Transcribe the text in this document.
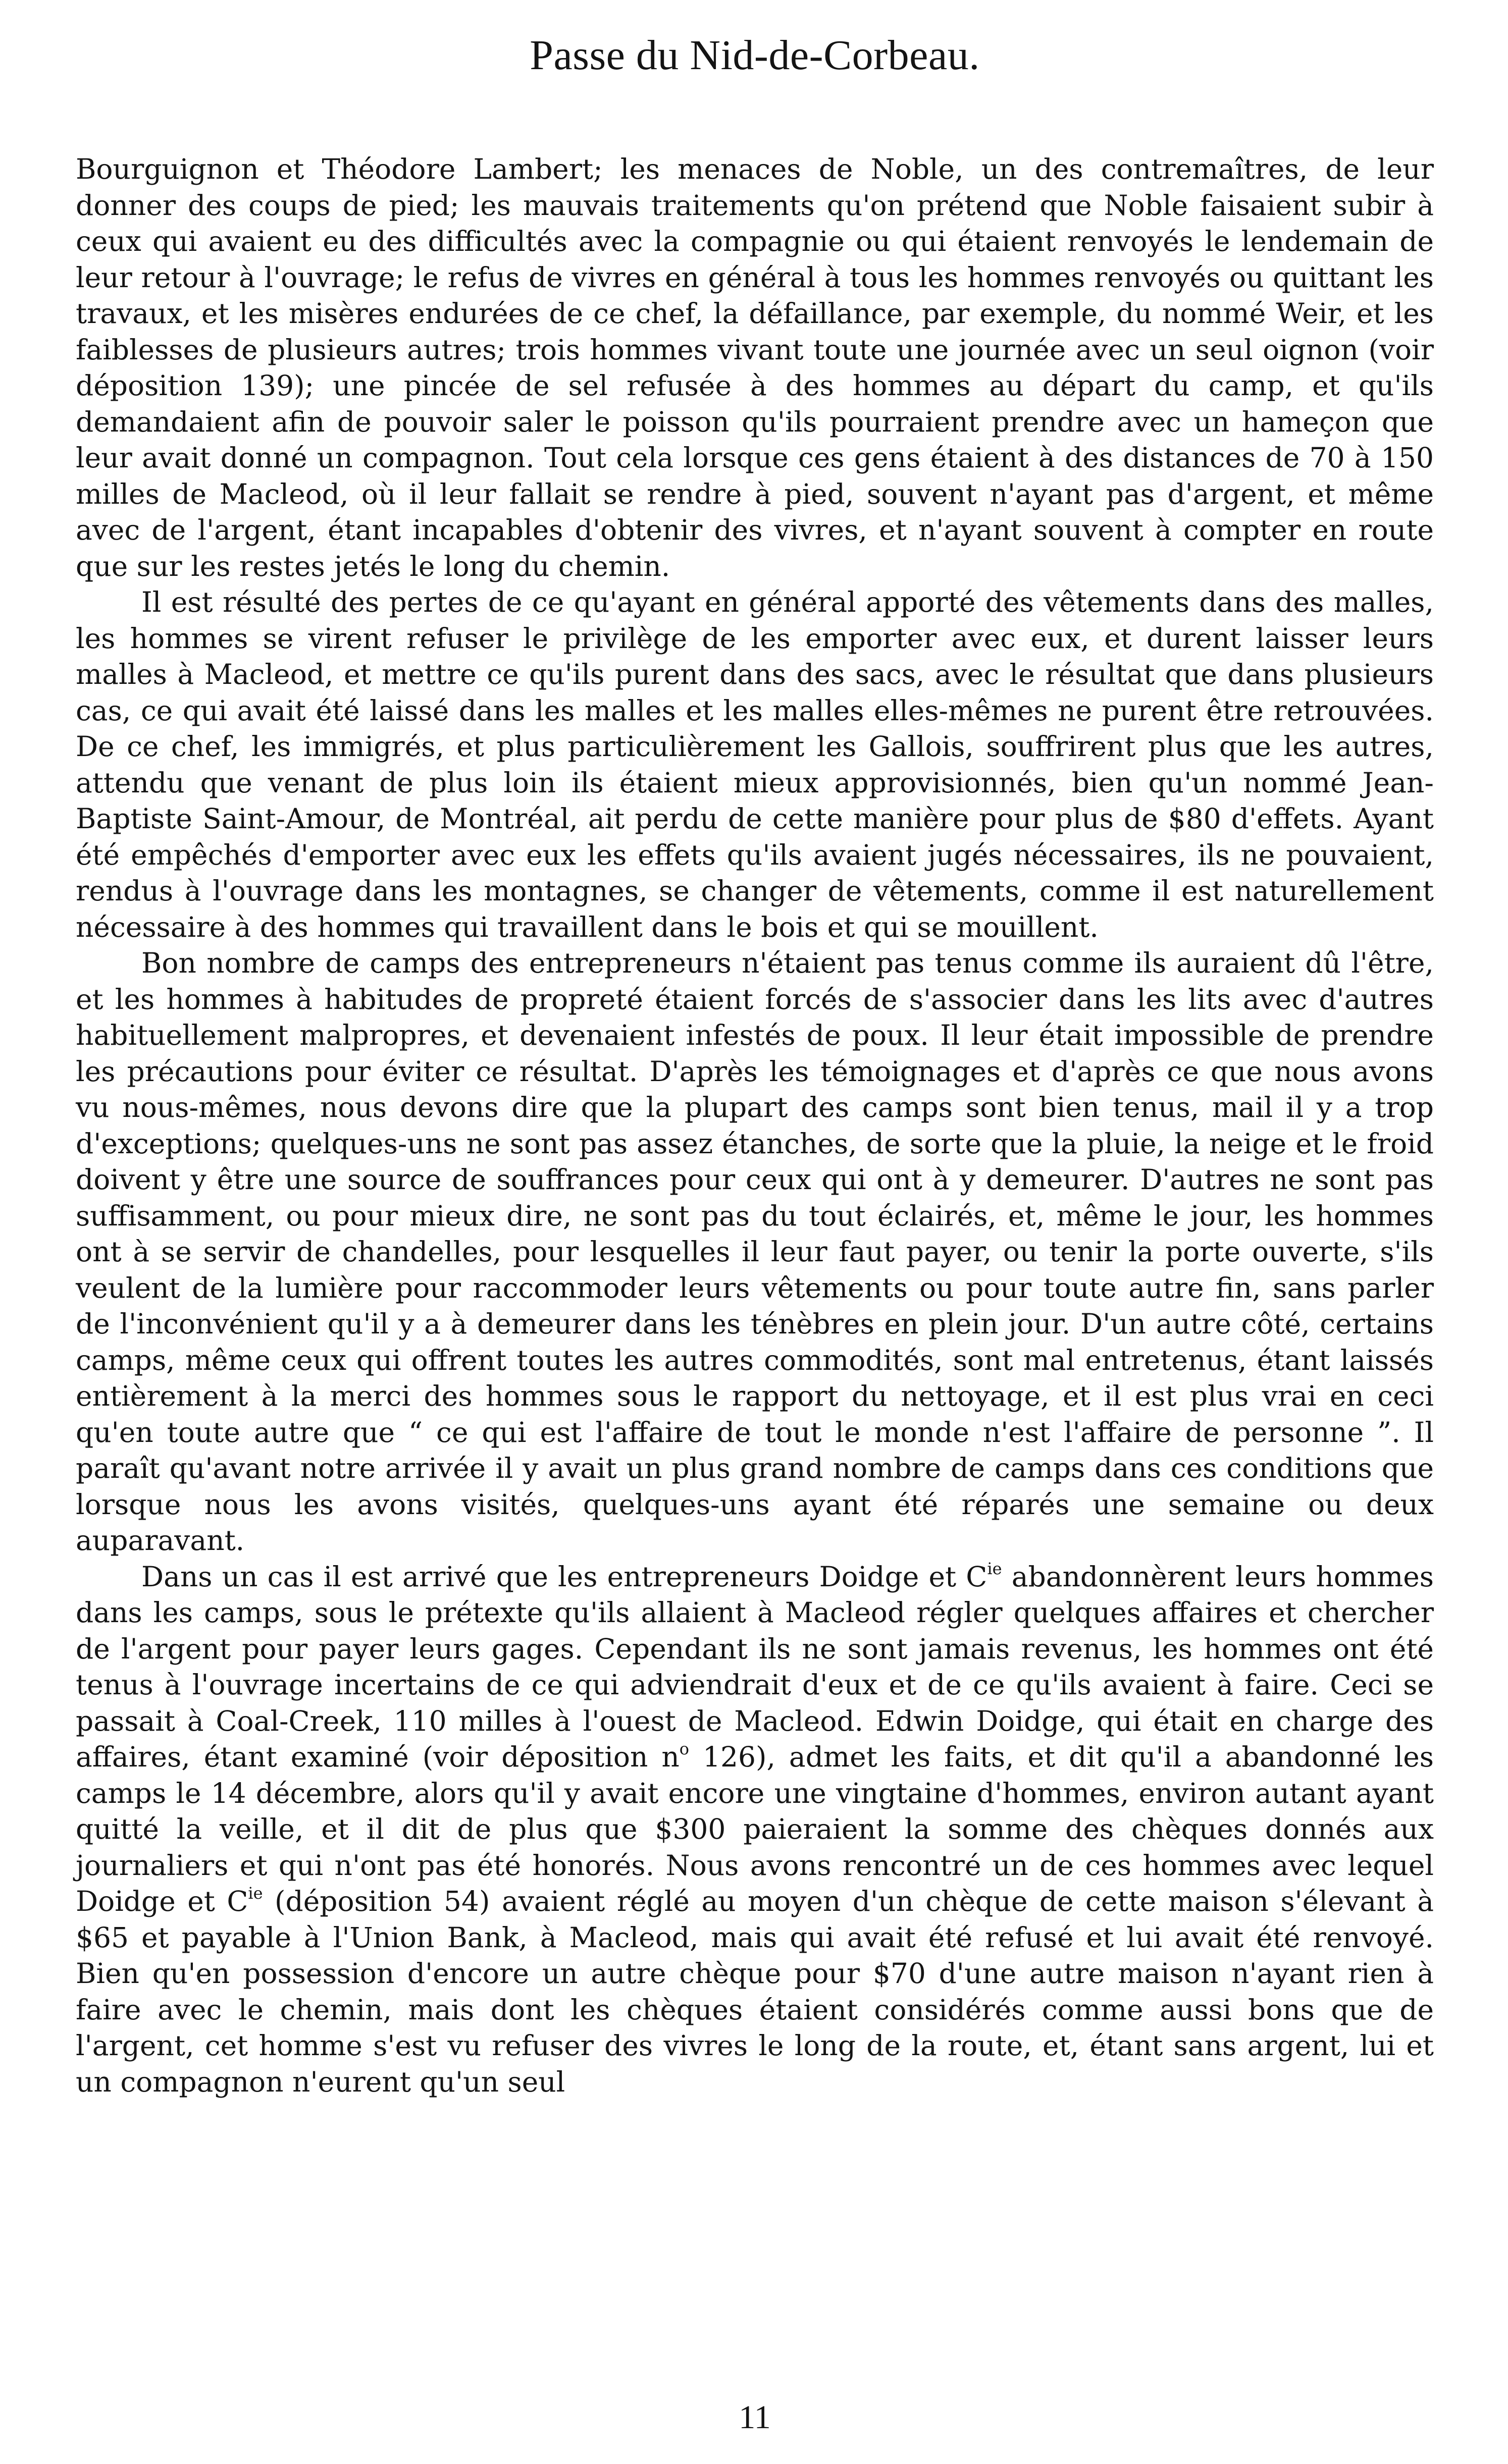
Passe du Nid-de-Corbeau.

Bourguignon et Théodore Lambert; les menaces de Noble, un des contremaîtres, de leur donner des coups de pied; les mauvais traitements qu'on prétend que Noble faisaient subir à ceux qui avaient eu des difficultés avec la compagnie ou qui étaient renvoyés le lendemain de leur retour à l'ouvrage; le refus de vivres en général à tous les hommes renvoyés ou quittant les travaux, et les misères endurées de ce chef, la défaillance, par exemple, du nommé Weir, et les faiblesses de plusieurs autres; trois hommes vivant toute une journée avec un seul oignon (voir déposition 139); une pincée de sel refusée à des hommes au départ du camp, et qu'ils demandaient afin de pouvoir saler le poisson qu'ils pourraient prendre avec un hameçon que leur avait donné un compagnon. Tout cela lorsque ces gens étaient à des distances de 70 à 150 milles de Macleod, où il leur fallait se rendre à pied, souvent n'ayant pas d'argent, et même avec de l'argent, étant incapables d'obtenir des vivres, et n'ayant souvent à compter en route que sur les restes jetés le long du chemin.

Il est résulté des pertes de ce qu'ayant en général apporté des vêtements dans des malles, les hommes se virent refuser le privilège de les emporter avec eux, et durent laisser leurs malles à Macleod, et mettre ce qu'ils purent dans des sacs, avec le résultat que dans plusieurs cas, ce qui avait été laissé dans les malles et les malles elles-mêmes ne purent être retrouvées. De ce chef, les immigrés, et plus particulièrement les Gallois, souffrirent plus que les autres, attendu que venant de plus loin ils étaient mieux approvisionnés, bien qu'un nommé Jean-Baptiste Saint-Amour, de Montréal, ait perdu de cette manière pour plus de $80 d'effets. Ayant été empêchés d'emporter avec eux les effets qu'ils avaient jugés nécessaires, ils ne pouvaient, rendus à l'ouvrage dans les montagnes, se changer de vêtements, comme il est naturellement nécessaire à des hommes qui travaillent dans le bois et qui se mouillent.

Bon nombre de camps des entrepreneurs n'étaient pas tenus comme ils auraient dû l'être, et les hommes à habitudes de propreté étaient forcés de s'associer dans les lits avec d'autres habituellement malpropres, et devenaient infestés de poux. Il leur était impossible de prendre les précautions pour éviter ce résultat. D'après les témoignages et d'après ce que nous avons vu nous-mêmes, nous devons dire que la plupart des camps sont bien tenus, mail il y a trop d'exceptions; quelques-uns ne sont pas assez étanches, de sorte que la pluie, la neige et le froid doivent y être une source de souffrances pour ceux qui ont à y demeurer. D'autres ne sont pas suffisamment, ou pour mieux dire, ne sont pas du tout éclairés, et, même le jour, les hommes ont à se servir de chandelles, pour lesquelles il leur faut payer, ou tenir la porte ouverte, s'ils veulent de la lumière pour raccommoder leurs vêtements ou pour toute autre fin, sans parler de l'inconvénient qu'il y a à demeurer dans les ténèbres en plein jour. D'un autre côté, certains camps, même ceux qui offrent toutes les autres commodités, sont mal entretenus, étant laissés entièrement à la merci des hommes sous le rapport du nettoyage, et il est plus vrai en ceci qu'en toute autre que “ ce qui est l'affaire de tout le monde n'est l'affaire de personne ”. Il paraît qu'avant notre arrivée il y avait un plus grand nombre de camps dans ces conditions que lorsque nous les avons visités, quelques-uns ayant été réparés une semaine ou deux auparavant.

Dans un cas il est arrivé que les entrepreneurs Doidge et $C^{ie}$ abandonnèrent leurs hommes dans les camps, sous le prétexte qu'ils allaient à Macleod régler quelques affaires et chercher de l'argent pour payer leurs gages. Cependant ils ne sont jamais revenus, les hommes ont été tenus à l'ouvrage incertains de ce qui adviendrait d'eux et de ce qu'ils avaient à faire. Ceci se passait à Coal-Creek, 110 milles à l'ouest de Macleod. Edwin Doidge, qui était en charge des affaires, étant examiné (voir déposition $n^o$ 126), admet les faits, et dit qu'il a abandonné les camps le 14 décembre, alors qu'il y avait encore une vingtaine d'hommes, environ autant ayant quitté la veille, et il dit de plus que $300 paieraient la somme des chèques donnés aux journaliers et qui n'ont pas été honorés. Nous avons rencontré un de ces hommes avec lequel Doidge et $C^{ie}$ (déposition 54) avaient réglé au moyen d'un chèque de cette maison s'élevant à $65 et payable à l'Union Bank, à Macleod, mais qui avait été refusé et lui avait été renvoyé. Bien qu'en possession d'encore un autre chèque pour $70 d'une autre maison n'ayant rien à faire avec le chemin, mais dont les chèques étaient considérés comme aussi bons que de l'argent, cet homme s'est vu refuser des vivres le long de la route, et, étant sans argent, lui et un compagnon n'eurent qu'un seul

11
